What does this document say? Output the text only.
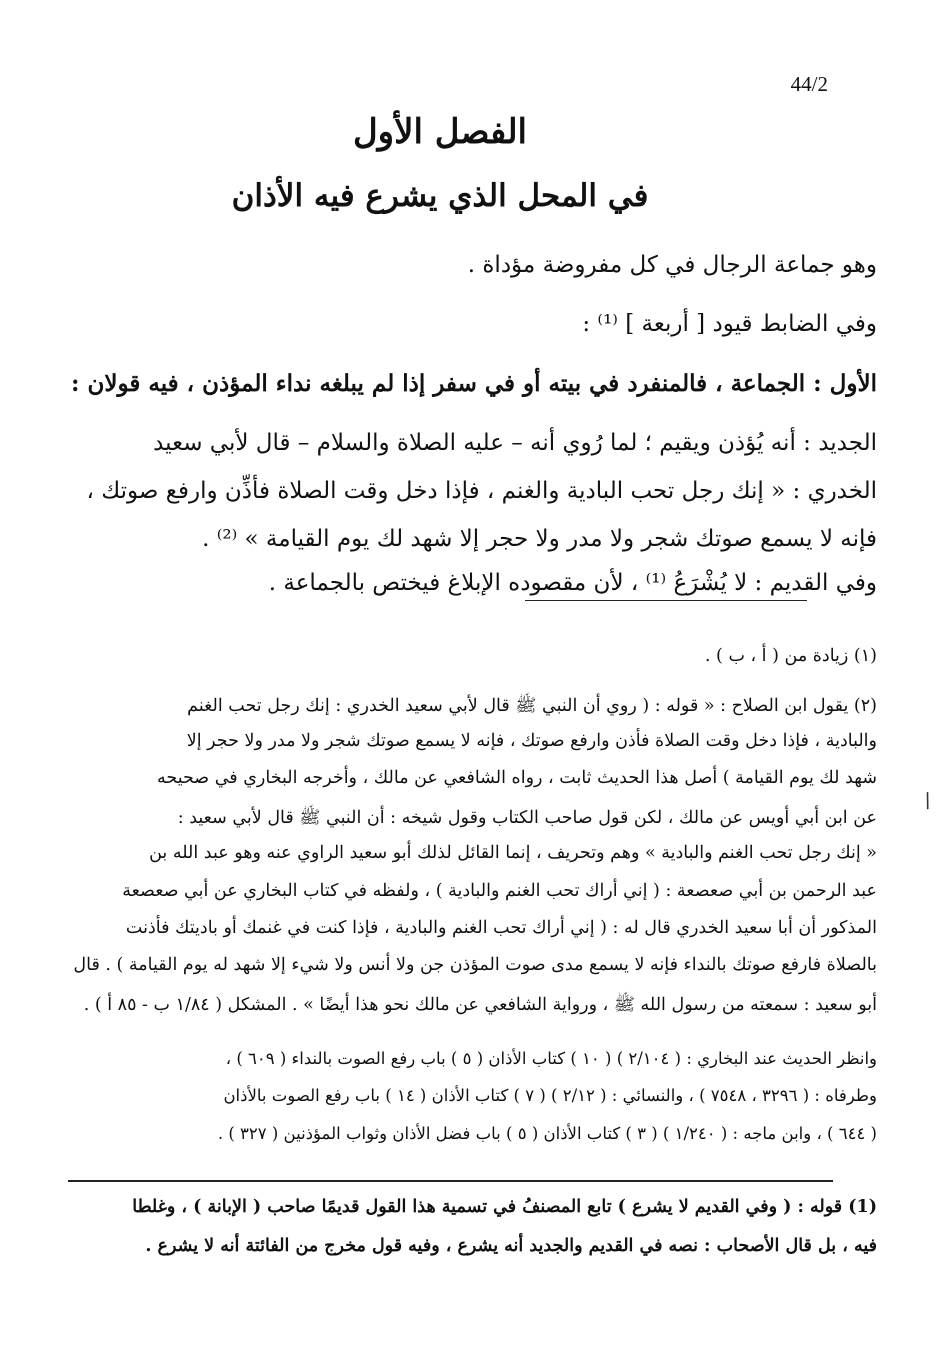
44/2
الفصل الأول
في المحل الذي يشرع فيه الأذان
وهو جماعة الرجال في كل مفروضة مؤداة .
وفي الضابط قيود [ أربعة ] ⁽¹⁾ :
الأول : الجماعة ، فالمنفرد في بيته أو في سفر إذا لم يبلغه نداء المؤذن ، فيه قولان :
الجديد : أنه يُؤذن ويقيم ؛ لما رُوي أنه – عليه الصلاة والسلام – قال لأبي سعيد
الخدري : « إنك رجل تحب البادية والغنم ، فإذا دخل وقت الصلاة فأذِّن وارفع صوتك ،
فإنه لا يسمع صوتك شجر ولا مدر ولا حجر إلا شهد لك يوم القيامة » ⁽²⁾ .
وفي القديم : لا يُشْرَعُ ⁽¹⁾ ، لأن مقصوده الإبلاغ فيختص بالجماعة .
(١) زيادة من ( أ ، ب ) .
(٢) يقول ابن الصلاح : « قوله : ( روي أن النبي ﷺ قال لأبي سعيد الخدري : إنك رجل تحب الغنم
والبادية ، فإذا دخل وقت الصلاة فأذن وارفع صوتك ، فإنه لا يسمع صوتك شجر ولا مدر ولا حجر إلا
شهد لك يوم القيامة ) أصل هذا الحديث ثابت ، رواه الشافعي عن مالك ، وأخرجه البخاري في صحيحه
عن ابن أبي أويس عن مالك ، لكن قول صاحب الكتاب وقول شيخه : أن النبي ﷺ قال لأبي سعيد :
« إنك رجل تحب الغنم والبادية » وهم وتحريف ، إنما القائل لذلك أبو سعيد الراوي عنه وهو عبد الله بن
عبد الرحمن بن أبي صعصعة : ( إني أراك تحب الغنم والبادية ) ، ولفظه في كتاب البخاري عن أبي صعصعة
المذكور أن أبا سعيد الخدري قال له : ( إني أراك تحب الغنم والبادية ، فإذا كنت في غنمك أو باديتك فأذنت
بالصلاة فارفع صوتك بالنداء فإنه لا يسمع مدى صوت المؤذن جن ولا أنس ولا شيء إلا شهد له يوم القيامة ) . قال
أبو سعيد : سمعته من رسول الله ﷺ ، ورواية الشافعي عن مالك نحو هذا أيضًا » . المشكل ( ١/٨٤ ب - ٨٥ أ ) .
وانظر الحديث عند البخاري : ( ٢/١٠٤ ) ( ١٠ ) كتاب الأذان ( ٥ ) باب رفع الصوت بالنداء ( ٦٠٩ ) ،
وطرفاه : ( ٣٢٩٦ ، ٧٥٤٨ ) ، والنسائي : ( ٢/١٢ ) ( ٧ ) كتاب الأذان ( ١٤ ) باب رفع الصوت بالأذان
( ٦٤٤ ) ، وابن ماجه : ( ١/٢٤٠ ) ( ٣ ) كتاب الأذان ( ٥ ) باب فضل الأذان وثواب المؤذنين ( ٣٢٧ ) .
(1) قوله : ( وفي القديم لا يشرع ) تابع المصنفُ في تسمية هذا القول قديمًا صاحب ( الإبانة ) ، وغلطا
فيه ، بل قال الأصحاب : نصه في القديم والجديد أنه يشرع ، وفيه قول مخرج من الفائتة أنه لا يشرع .
/
